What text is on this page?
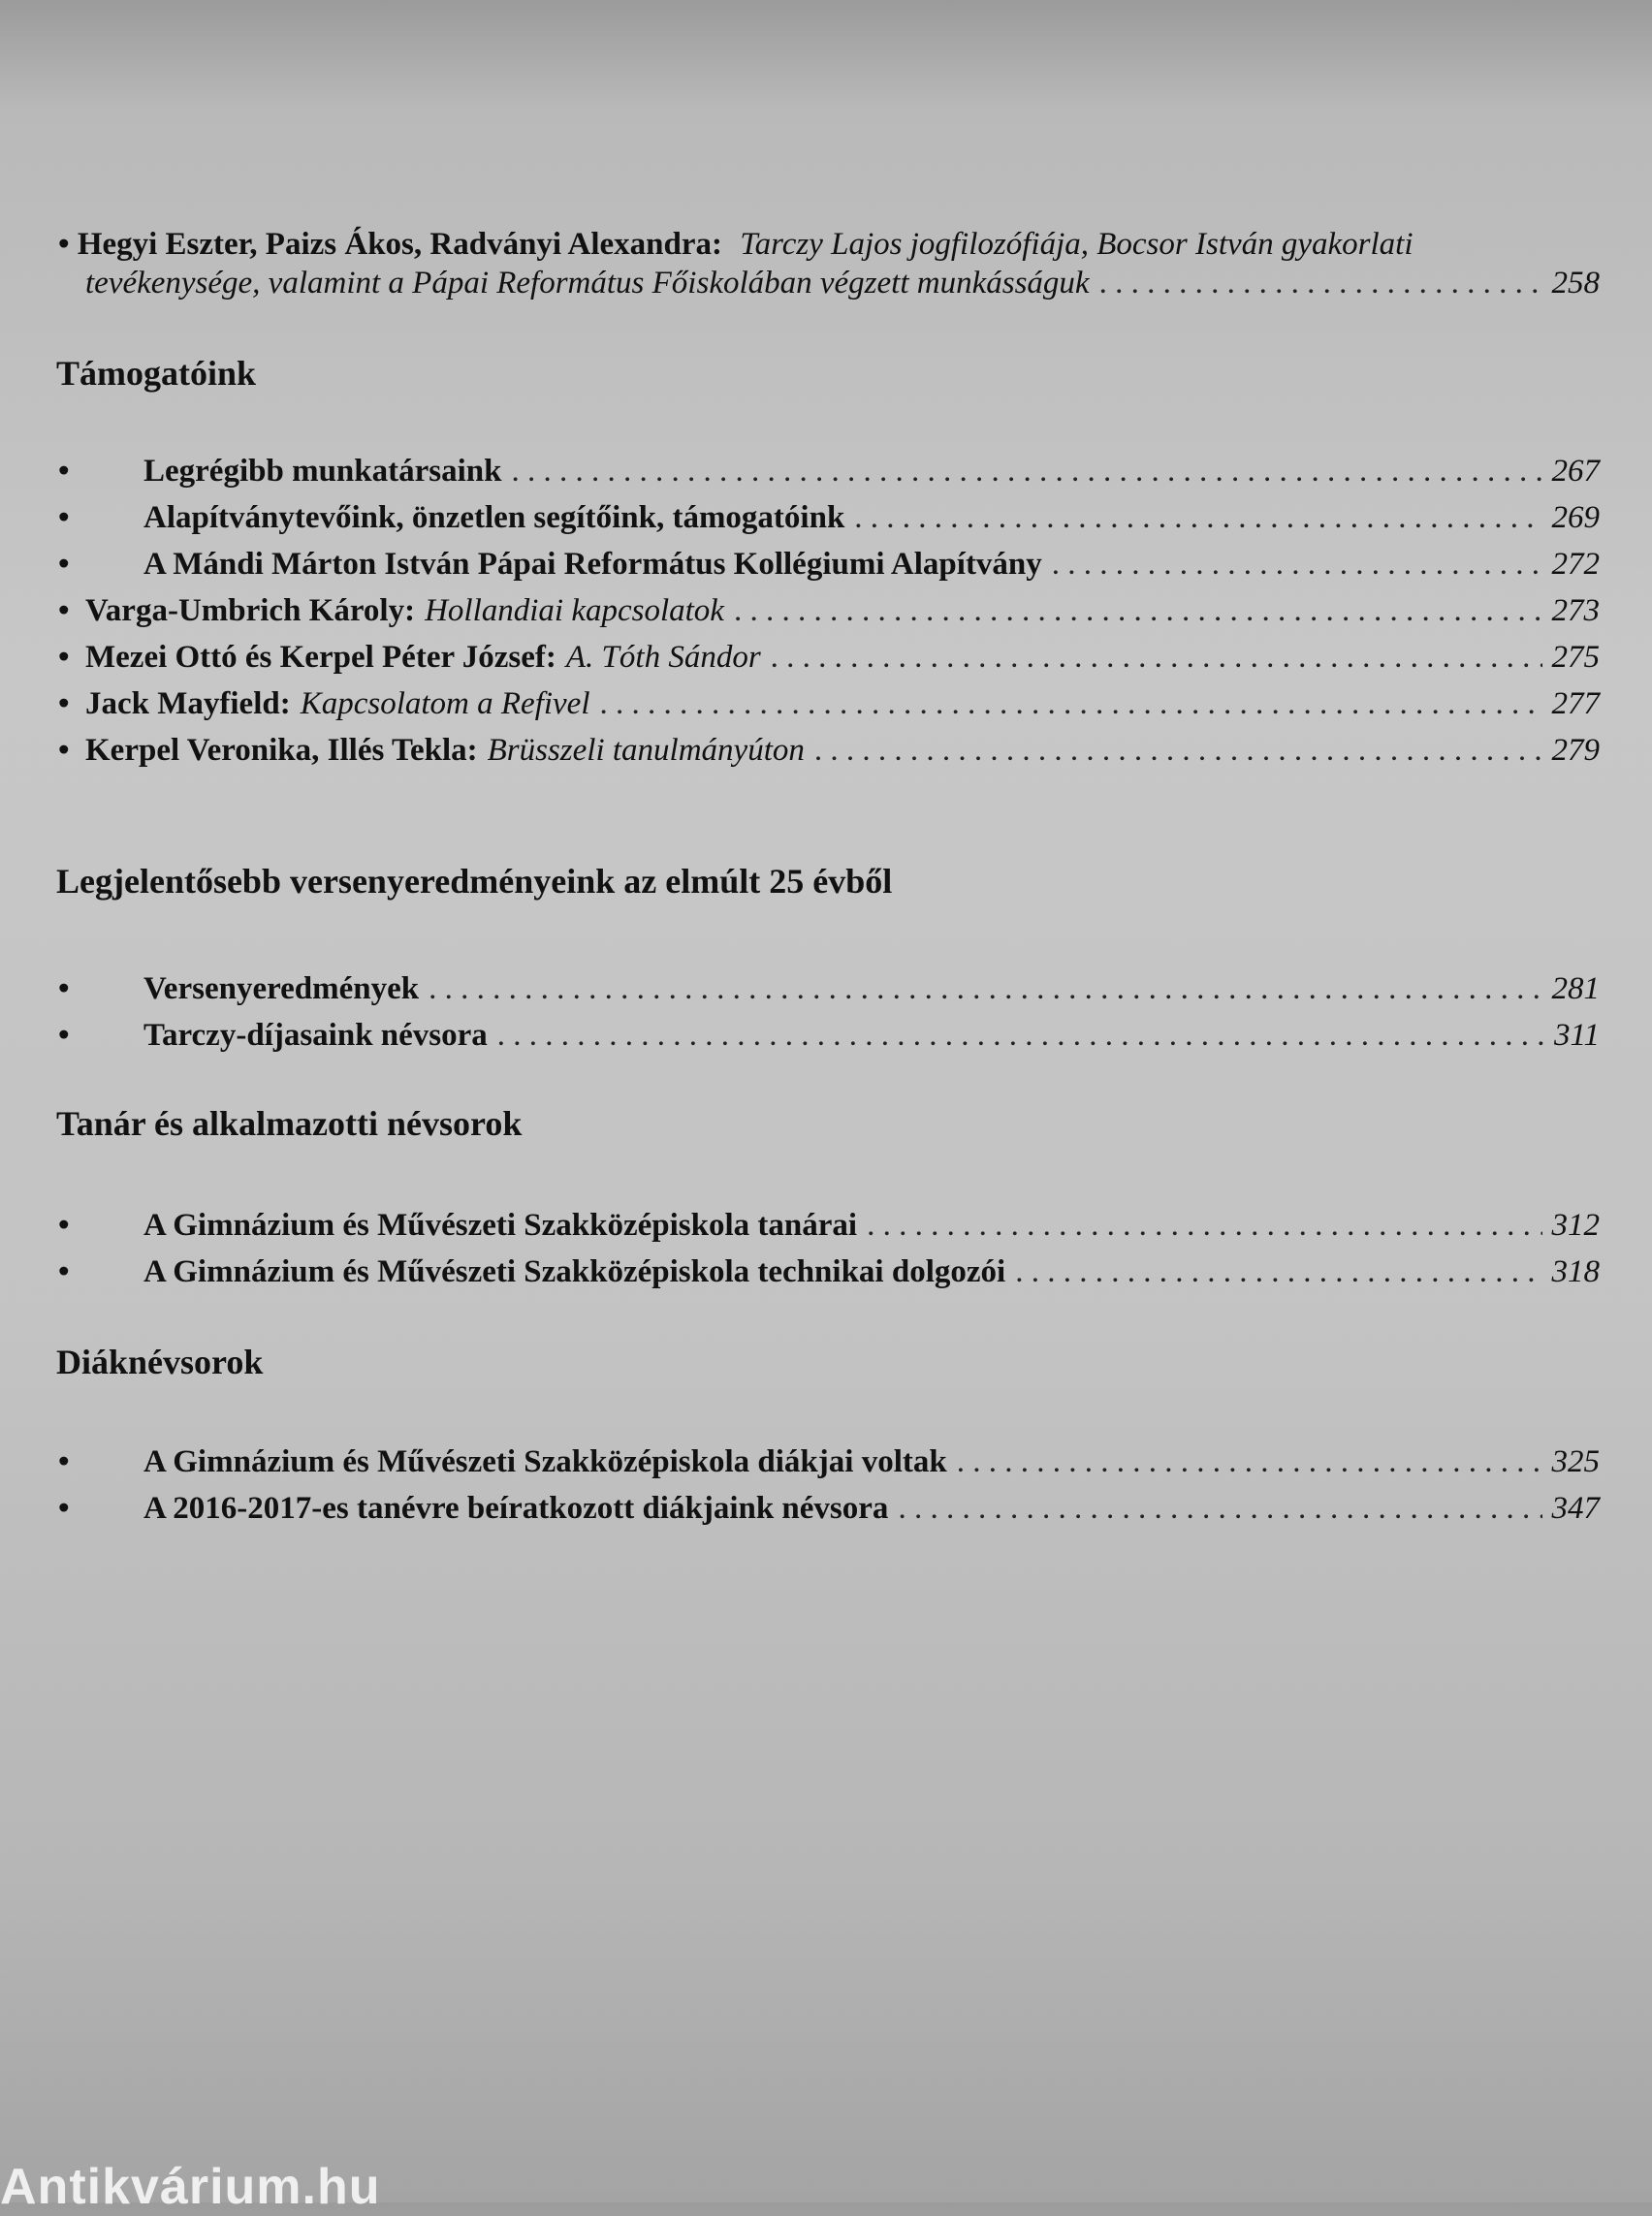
• Hegyi Eszter, Paizs Ákos, Radványi Alexandra: Tarczy Lajos jogfilozófiája, Bocsor István gyakorlati
tevékenysége, valamint a Pápai Református Főiskolában végzett munkásságuk . . .	258
Támogatóink
•	Legrégibb munkatársaink . . .	267
•	Alapítványtevőink, önzetlen segítőink, támogatóink . . .	269
•	A Mándi Márton István Pápai Református Kollégiumi Alapítvány . . .	272
• Varga-Umbrich Károly: Hollandiai kapcsolatok . . .	273
• Mezei Ottó és Kerpel Péter József: A. Tóth Sándor . . .	275
• Jack Mayfield: Kapcsolatom a Refivel . . .	277
• Kerpel Veronika, Illés Tekla: Brüsszeli tanulmányúton . . .	279
Legjelentősebb versenyeredményeink az elmúlt 25 évből
•	Versenyeredmények . . .	281
•	Tarczy-díjasaink névsora . . .	311
Tanár és alkalmazotti névsorok
•	A Gimnázium és Művészeti Szakközépiskola tanárai . . .	312
•	A Gimnázium és Művészeti Szakközépiskola technikai dolgozói . . .	318
Diáknévsorok
•	A Gimnázium és Művészeti Szakközépiskola diákjai voltak . . .	325
•	A 2016-2017-es tanévre beíratkozott diákjaink névsora . . .	347
Antikvárium.hu
